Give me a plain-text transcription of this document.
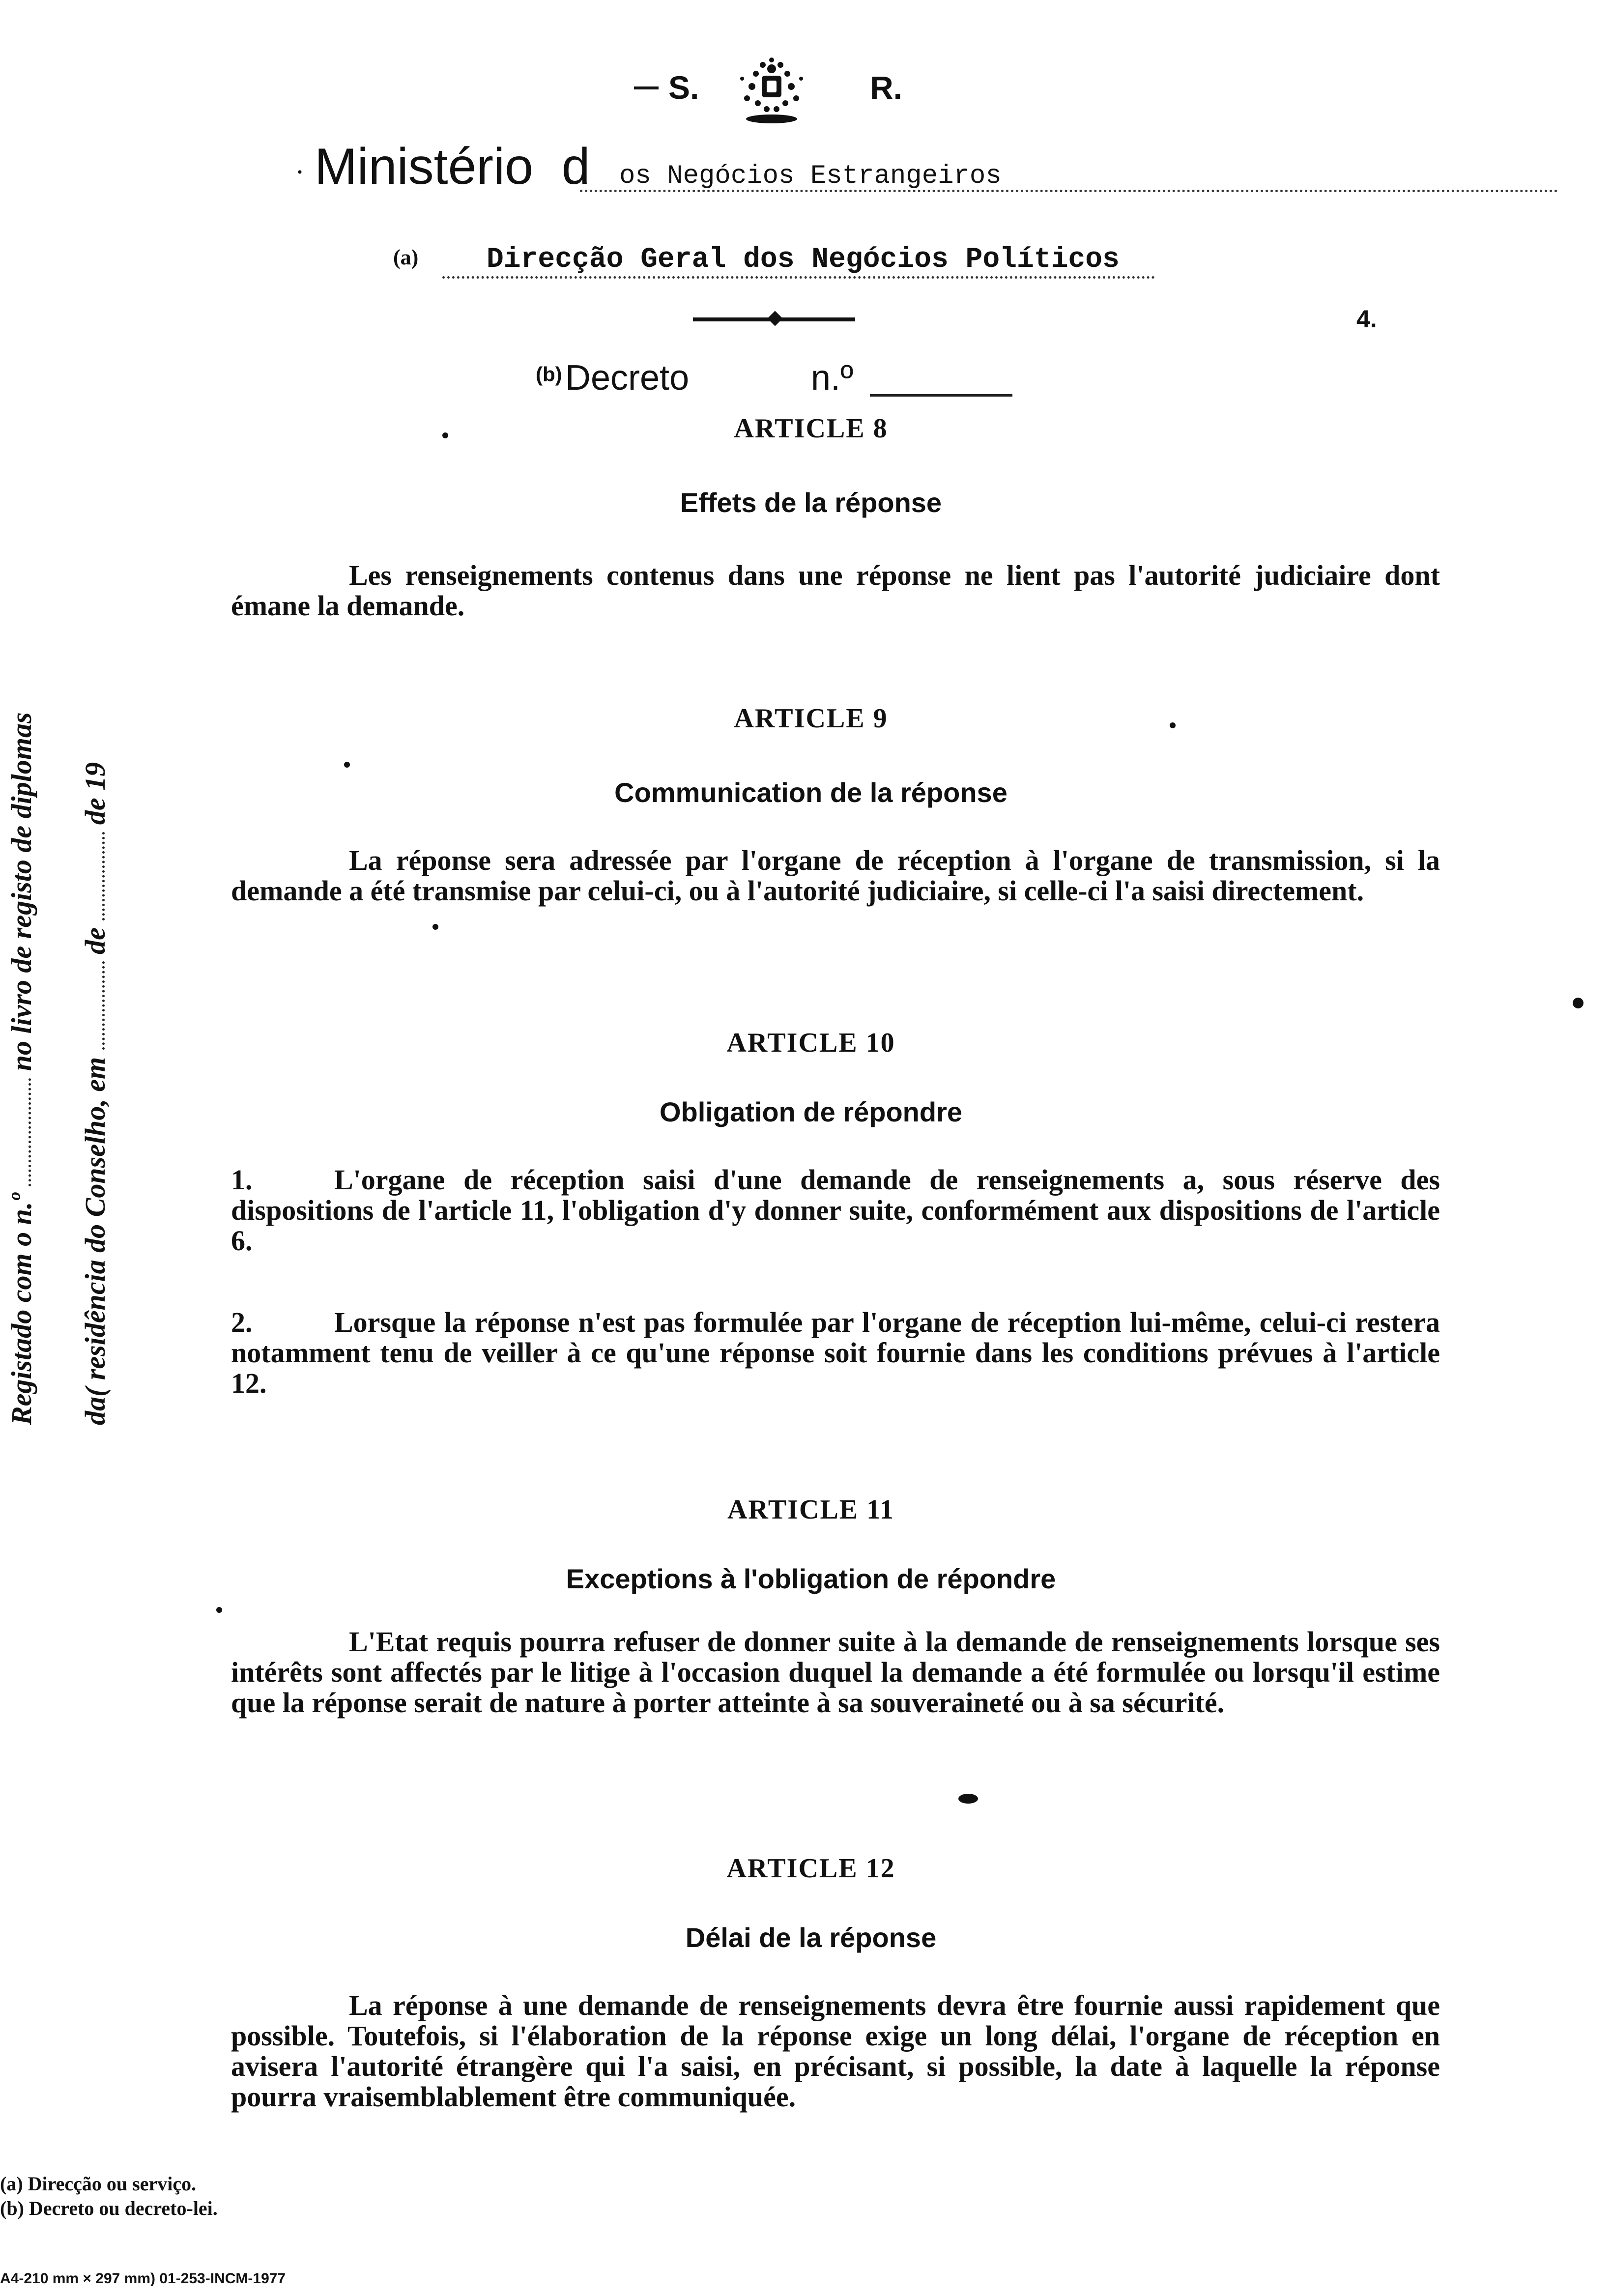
S.	R.
· Ministério d os Negócios Estrangeiros
(a) Direcção Geral dos Negócios Políticos
4.
(b) Decreto	n.º
ARTICLE 8
Effets de la réponse
Les renseignements contenus dans une réponse ne lient pas l'autorité judiciaire dont émane la demande.
ARTICLE 9
Communication de la réponse
La réponse sera adressée par l'organe de réception à l'organe de transmission, si la demande a été transmise par celui-ci, ou à l'autorité judiciaire, si celle-ci l'a saisi directement.
ARTICLE 10
Obligation de répondre
1.	L'organe de réception saisi d'une demande de renseignements a, sous réserve des dispositions de l'article 11, l'obligation d'y donner suite, conformément aux dispositions de l'article 6.
2.	Lorsque la réponse n'est pas formulée par l'organe de réception lui-même, celui-ci restera notamment tenu de veiller à ce qu'une réponse soit fournie dans les conditions prévues à l'article 12.
ARTICLE 11
Exceptions à l'obligation de répondre
L'Etat requis pourra refuser de donner suite à la demande de renseignements lorsque ses intérêts sont affectés par le litige à l'occasion duquel la demande a été formulée ou lorsqu'il estime que la réponse serait de nature à porter atteinte à sa souveraineté ou à sa sécurité.
ARTICLE 12
Délai de la réponse
La réponse à une demande de renseignements devra être fournie aussi rapidement que possible. Toutefois, si l'élaboration de la réponse exige un long délai, l'organe de réception en avisera l'autorité étrangère qui l'a saisi, en précisant, si possible, la date à laquelle la réponse pourra vraisemblablement être communiquée.
Registado com o n.º  no livro de registo de diplomas
da( residência do Conselho, em  de  de 19
(a) Direcção ou serviço.
(b) Decreto ou decreto-lei.
A4-210 mm × 297 mm) 01-253-INCM-1977
